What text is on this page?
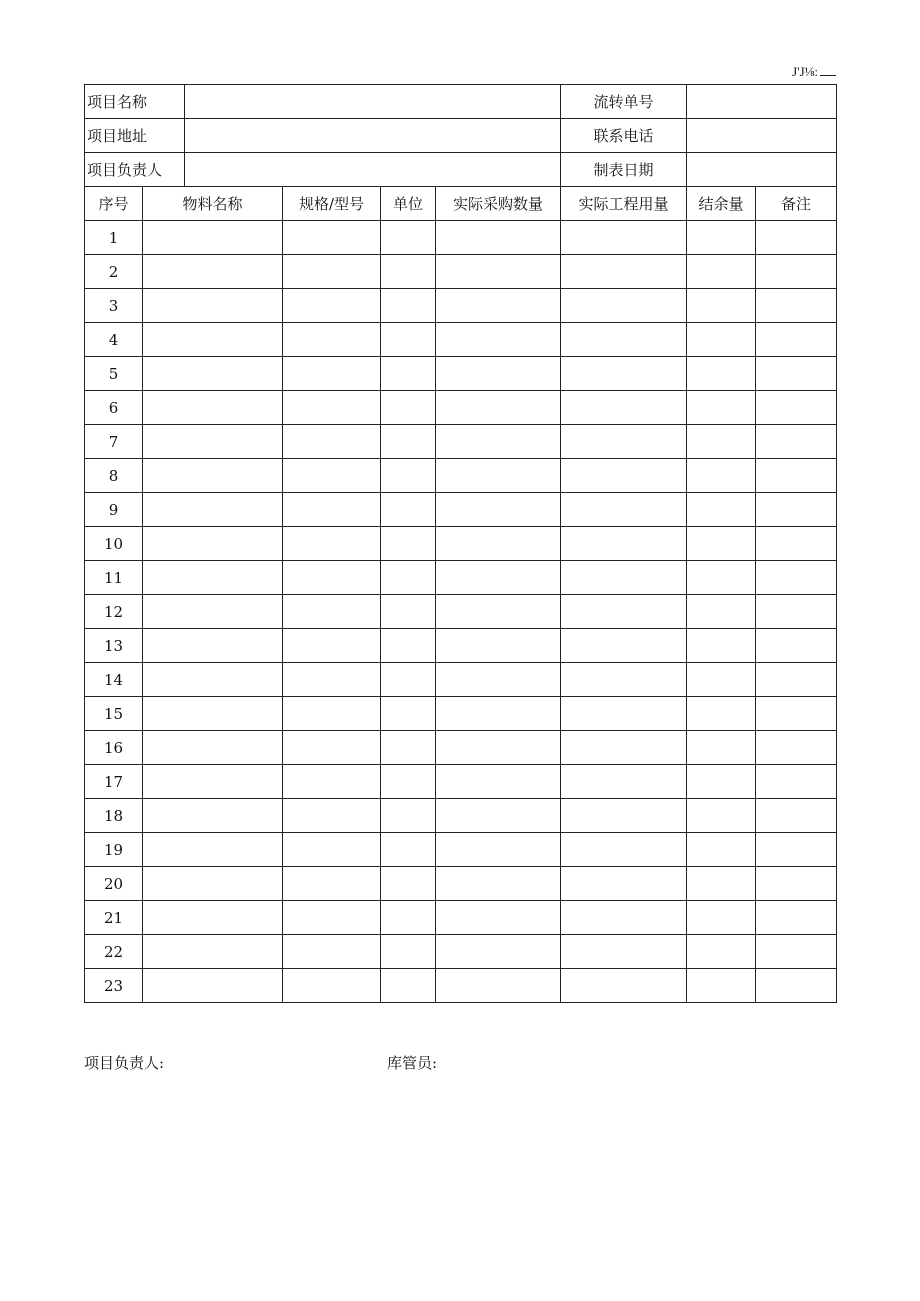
J'J⅛:
项目名称						流转单号		
项目地址						联系电话		
项目负责人						制表日期		
序号	物料名称		规格/型号	单位	实际采购数量	实际工程用量	结余量	备注
1								
2								
3								
4								
5								
6								
7								
8								
9								
10								
11								
12								
13								
14								
15								
16								
17								
18								
19								
20								
21								
22								
23								
项目负责人:	库管员:
